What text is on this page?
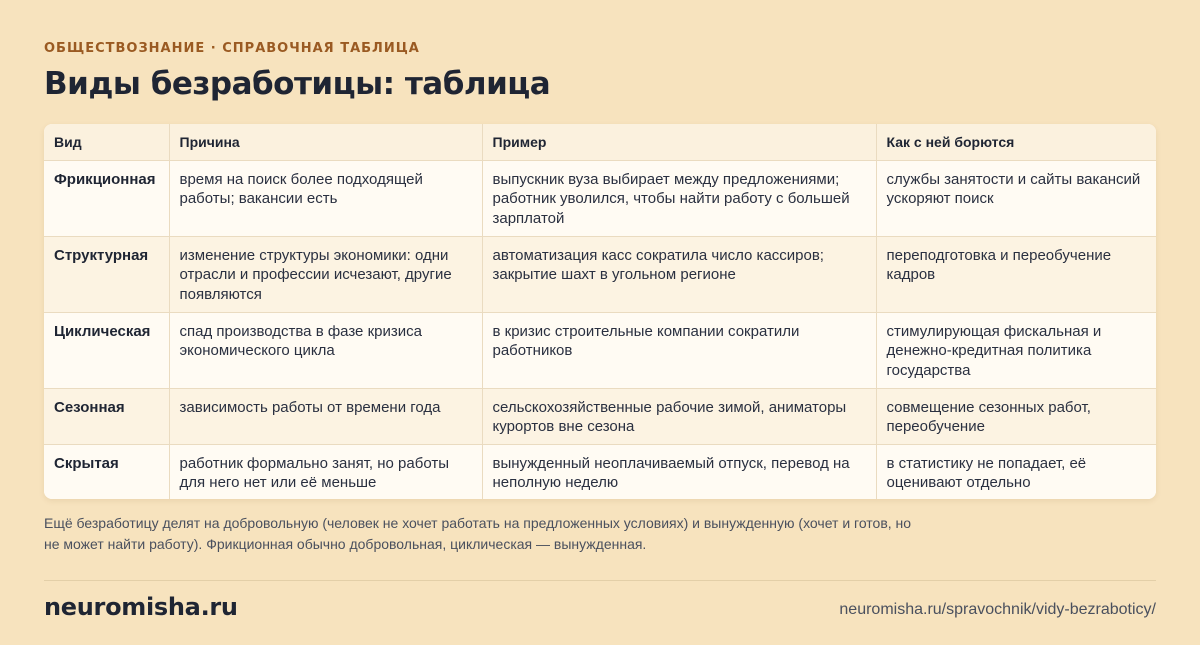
ОБЩЕСТВОЗНАНИЕ · СПРАВОЧНАЯ ТАБЛИЦА
Виды безработицы: таблица
Вид	Причина	Пример	Как с ней борются
Фрикционная	время на поиск более подходящей работы; вакансии есть	выпускник вуза выбирает между предложениями; работник уволился, чтобы найти работу с большей зарплатой	службы занятости и сайты вакансий ускоряют поиск
Структурная	изменение структуры экономики: одни отрасли и профессии исчезают, другие появляются	автоматизация касс сократила число кассиров; закрытие шахт в угольном регионе	переподготовка и переобучение кадров
Циклическая	спад производства в фазе кризиса экономического цикла	в кризис строительные компании сократили работников	стимулирующая фискальная и денежно-кредитная политика государства
Сезонная	зависимость работы от времени года	сельскохозяйственные рабочие зимой, аниматоры курортов вне сезона	совмещение сезонных работ, переобучение
Скрытая	работник формально занят, но работы для него нет или её меньше	вынужденный неоплачиваемый отпуск, перевод на неполную неделю	в статистику не попадает, её оценивают отдельно

Ещё безработицу делят на добровольную (человек не хочет работать на предложенных условиях) и вынужденную (хочет и готов, но не может найти работу). Фрикционная обычно добровольная, циклическая — вынужденная.

neuromisha.ru	neuromisha.ru/spravochnik/vidy-bezraboticy/
